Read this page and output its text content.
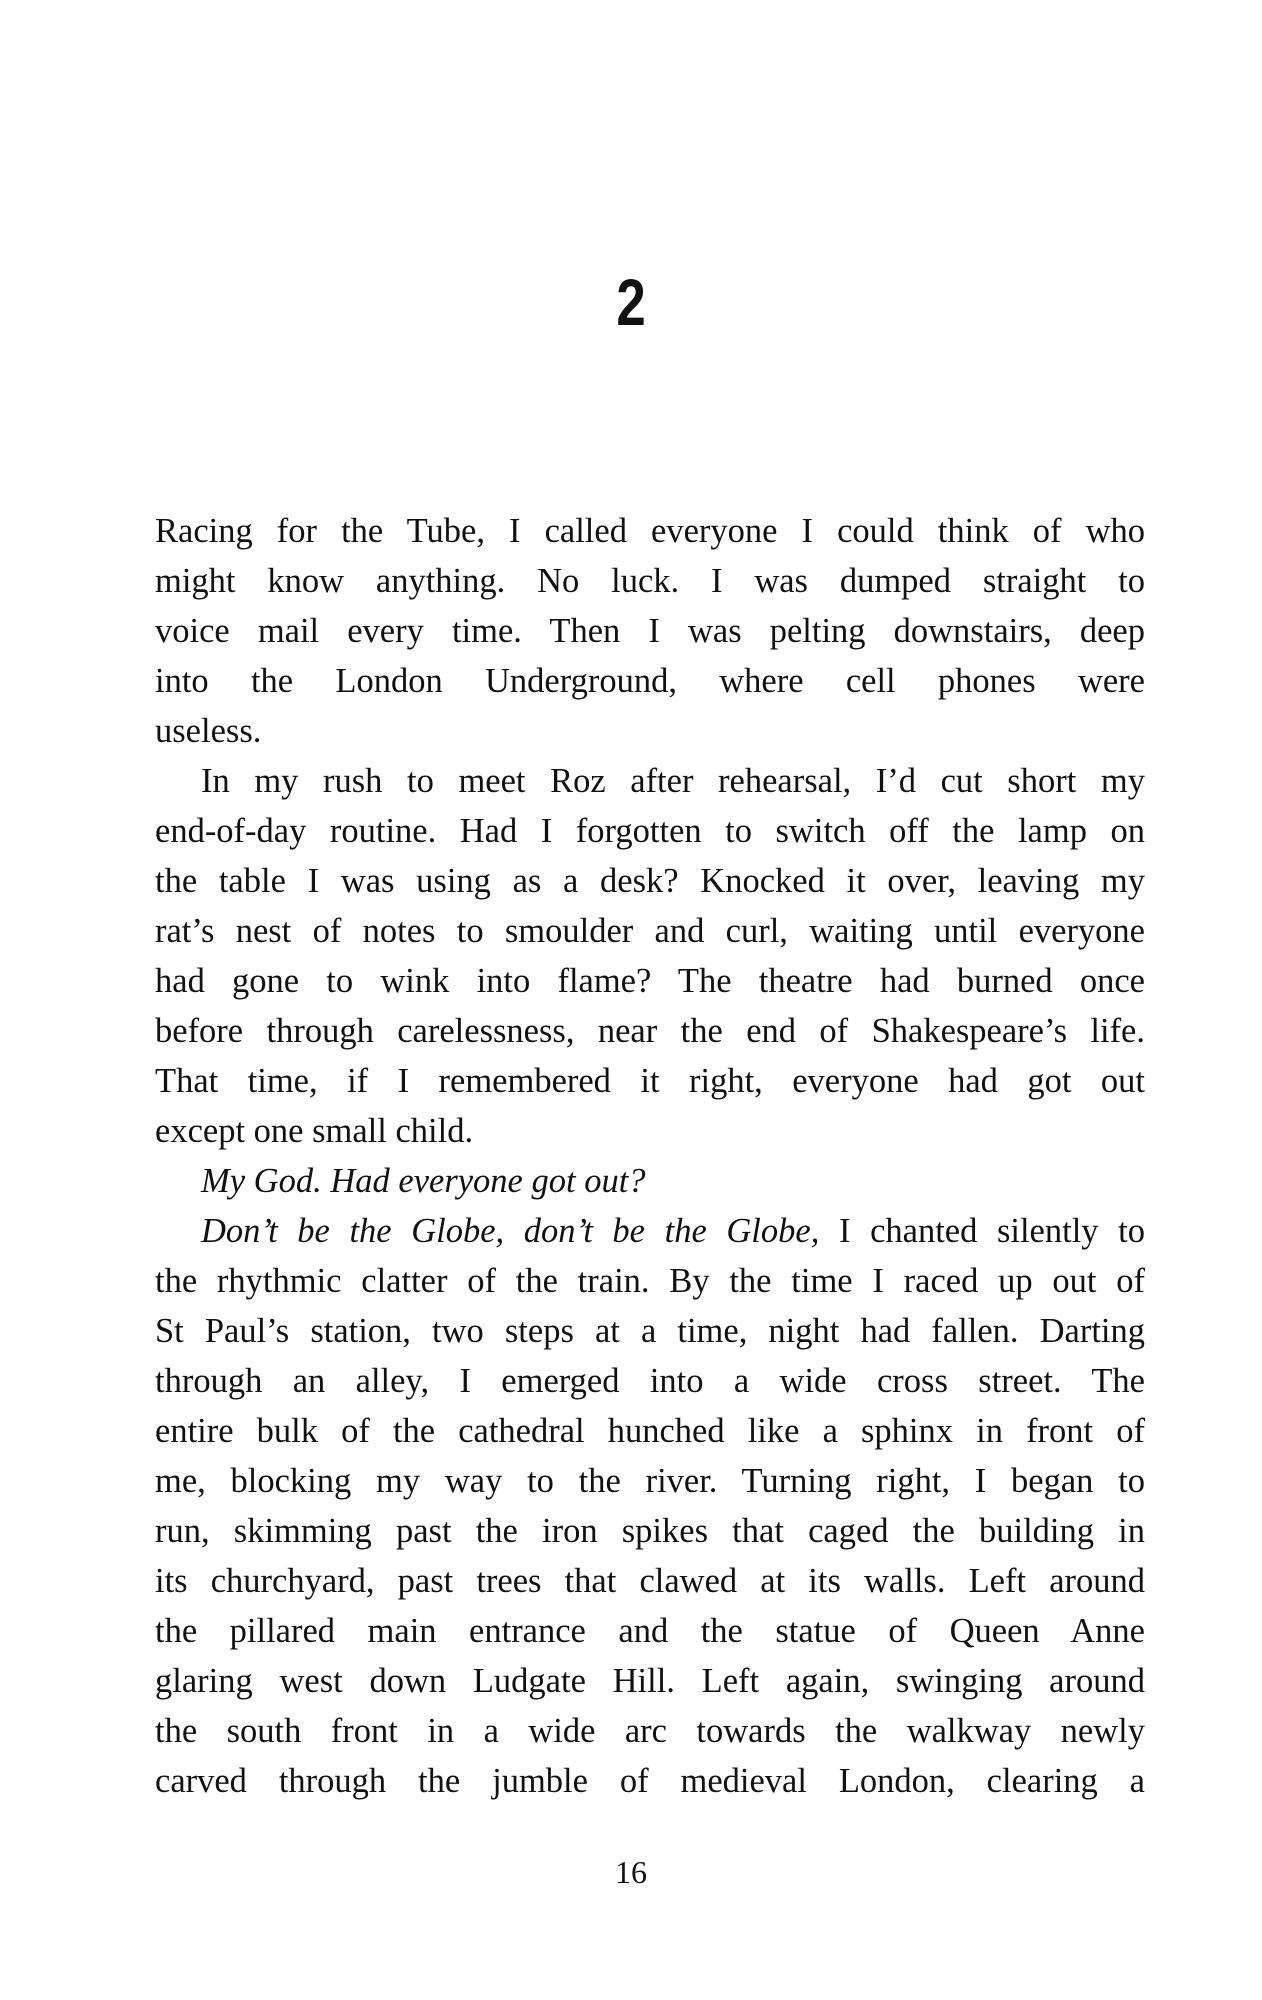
2
Racing for the Tube, I called everyone I could think of who
might know anything. No luck. I was dumped straight to
voice mail every time. Then I was pelting downstairs, deep
into the London Underground, where cell phones were
useless.
In my rush to meet Roz after rehearsal, I’d cut short my
end-of-day routine. Had I forgotten to switch off the lamp on
the table I was using as a desk? Knocked it over, leaving my
rat’s nest of notes to smoulder and curl, waiting until everyone
had gone to wink into flame? The theatre had burned once
before through carelessness, near the end of Shakespeare’s life.
That time, if I remembered it right, everyone had got out
except one small child.
My God. Had everyone got out?
Don’t be the Globe, don’t be the Globe, I chanted silently to
the rhythmic clatter of the train. By the time I raced up out of
St Paul’s station, two steps at a time, night had fallen. Darting
through an alley, I emerged into a wide cross street. The
entire bulk of the cathedral hunched like a sphinx in front of
me, blocking my way to the river. Turning right, I began to
run, skimming past the iron spikes that caged the building in
its churchyard, past trees that clawed at its walls. Left around
the pillared main entrance and the statue of Queen Anne
glaring west down Ludgate Hill. Left again, swinging around
the south front in a wide arc towards the walkway newly
carved through the jumble of medieval London, clearing a
16
